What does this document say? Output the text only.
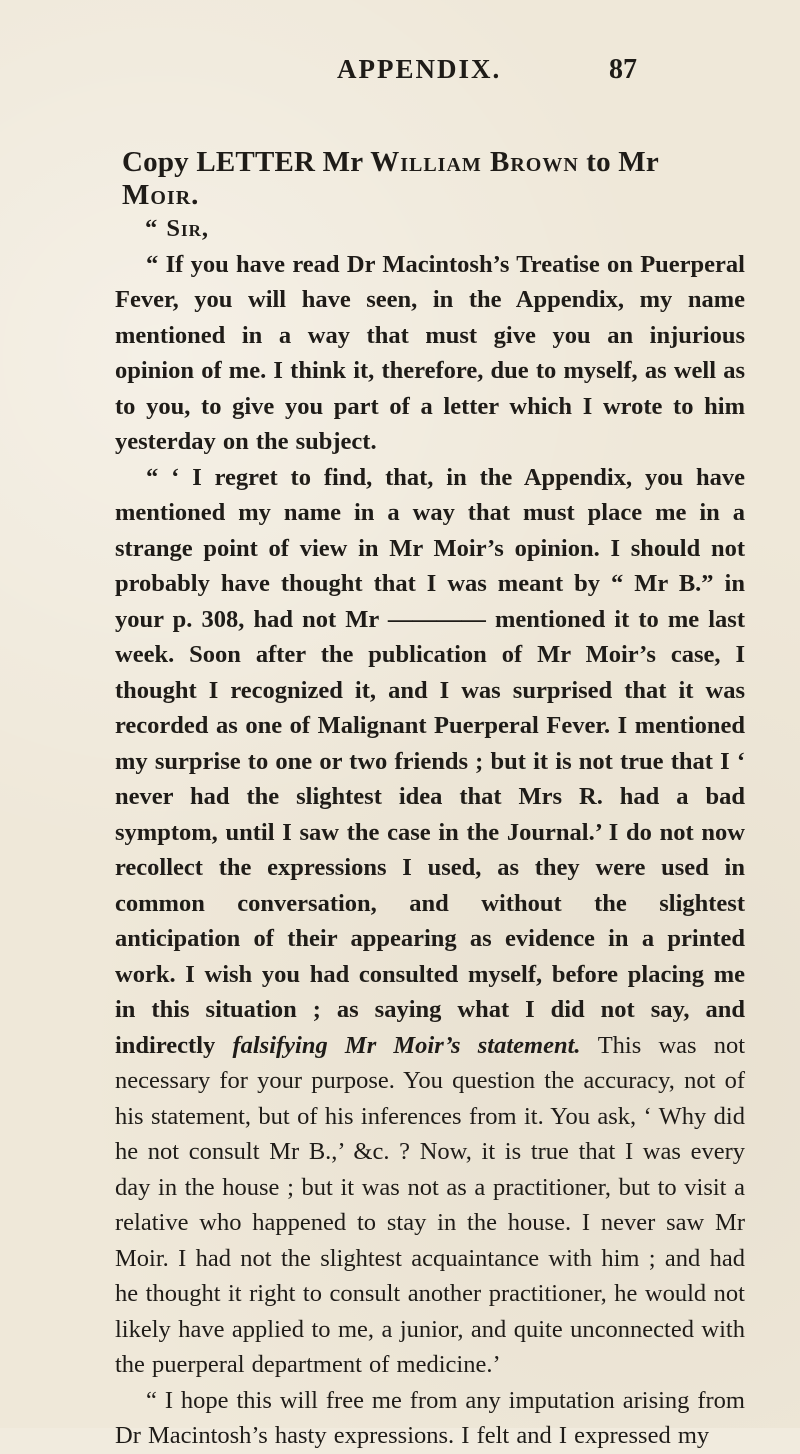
APPENDIX.	87
Copy LETTER Mr William Brown to Mr Moir.

“ Sir,

“ If you have read Dr Macintosh’s Treatise on Puerperal Fever, you will have seen, in the Appendix, my name mentioned in a way that must give you an injurious opinion of me. I think it, therefore, due to myself, as well as to you, to give you part of a letter which I wrote to him yesterday on the subject.

“ ‘ I regret to find, that, in the Appendix, you have mentioned my name in a way that must place me in a strange point of view in Mr Moir’s opinion. I should not probably have thought that I was meant by “ Mr B.” in your p. 308, had not Mr ———— mentioned it to me last week. Soon after the publication of Mr Moir’s case, I thought I recognized it, and I was surprised that it was recorded as one of Malignant Puerperal Fever. I mentioned my surprise to one or two friends ; but it is not true that I ‘ never had the slightest idea that Mrs R. had a bad symptom, until I saw the case in the Journal.’ I do not now recollect the expressions I used, as they were used in common conversation, and without the slightest anticipation of their appearing as evidence in a printed work. I wish you had consulted myself, before placing me in this situation ; as saying what I did not say, and indirectly falsifying Mr Moir’s statement. This was not necessary for your purpose. You question the accuracy, not of his statement, but of his inferences from it. You ask, ‘ Why did he not consult Mr B.,’ &c. ? Now, it is true that I was every day in the house ; but it was not as a practitioner, but to visit a relative who happened to stay in the house. I never saw Mr Moir. I had not the slightest acquaintance with him ; and had he thought it right to consult another practitioner, he would not likely have applied to me, a junior, and quite unconnected with the puerperal department of medicine.’

“ I hope this will free me from any imputation arising from Dr Macintosh’s hasty expressions. I felt and I expressed my
